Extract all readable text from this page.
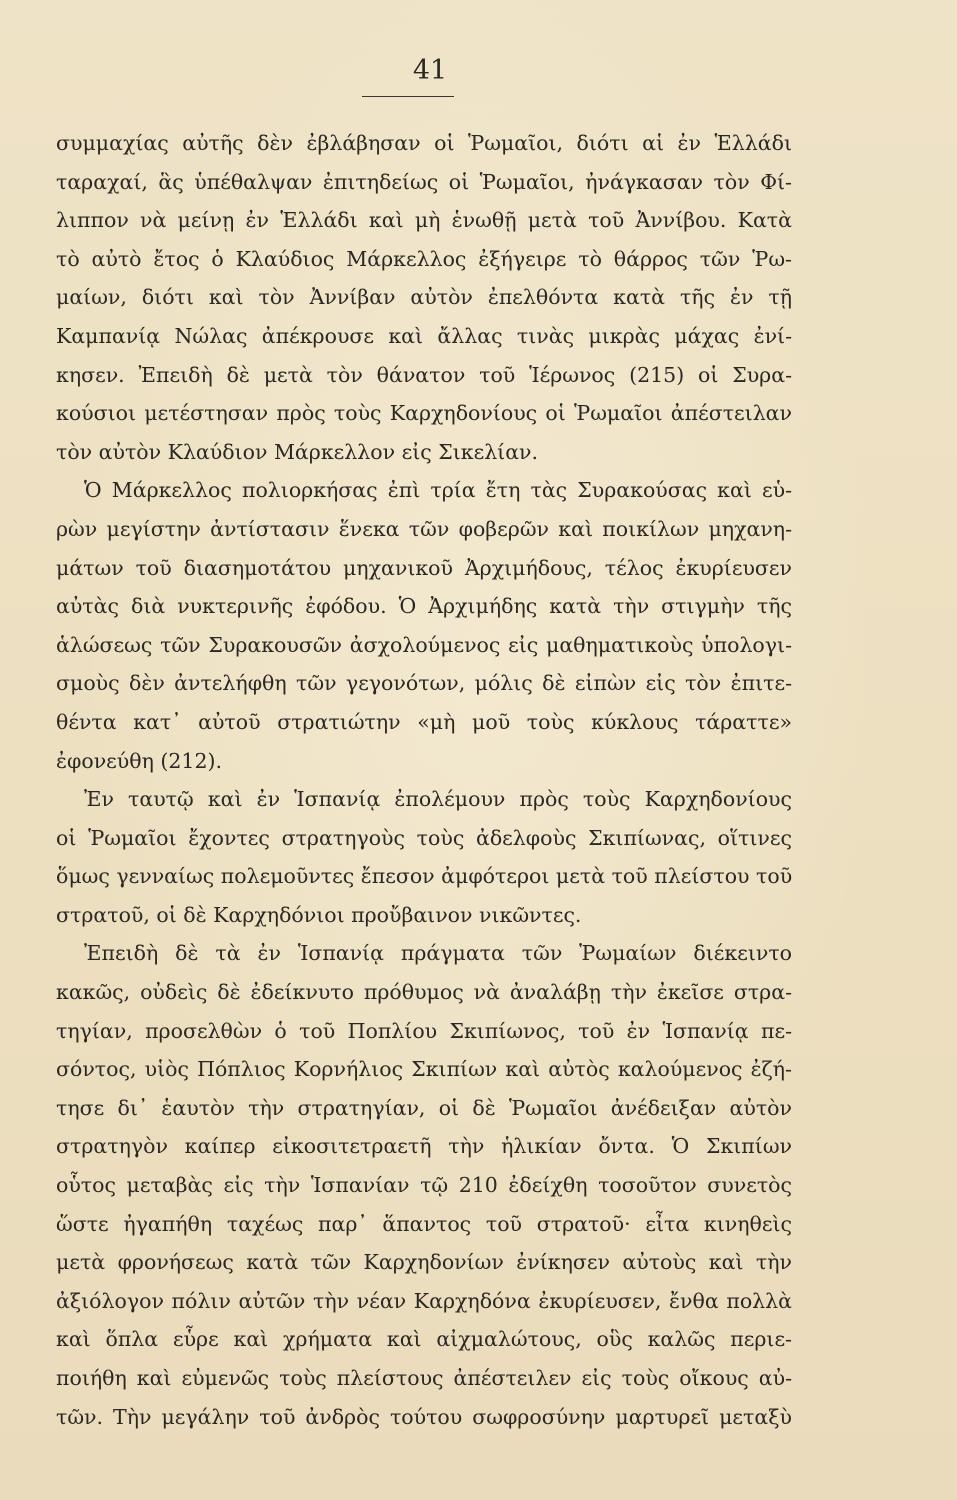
41
συμμαχίας αὐτῆς δὲν ἐβλάβησαν οἱ Ῥωμαῖοι, διότι αἱ ἐν Ἑλλάδι
ταραχαί, ἃς ὑπέθαλψαν ἐπιτηδείως οἱ Ῥωμαῖοι, ἠνάγκασαν τὸν Φί-
λιππον νὰ μείνῃ ἐν Ἑλλάδι καὶ μὴ ἑνωθῇ μετὰ τοῦ Ἀννίβου. Κατὰ
τὸ αὐτὸ ἔτος ὁ Κλαύδιος Μάρκελλος ἐξήγειρε τὸ θάρρος τῶν Ῥω-
μαίων, διότι καὶ τὸν Ἀννίβαν αὐτὸν ἐπελθόντα κατὰ τῆς ἐν τῇ
Καμπανίᾳ Νώλας ἀπέκρουσε καὶ ἄλλας τινὰς μικρὰς μάχας ἐνί-
κησεν. Ἐπειδὴ δὲ μετὰ τὸν θάνατον τοῦ Ἱέρωνος (215) οἱ Συρα-
κούσιοι μετέστησαν πρὸς τοὺς Καρχηδονίους οἱ Ῥωμαῖοι ἀπέστειλαν
τὸν αὐτὸν Κλαύδιον Μάρκελλον εἰς Σικελίαν.
Ὁ Μάρκελλος πολιορκήσας ἐπὶ τρία ἔτη τὰς Συρακούσας καὶ εὑ-
ρὼν μεγίστην ἀντίστασιν ἕνεκα τῶν φοβερῶν καὶ ποικίλων μηχανη-
μάτων τοῦ διασημοτάτου μηχανικοῦ Ἀρχιμήδους, τέλος ἐκυρίευσεν
αὐτὰς διὰ νυκτερινῆς ἐφόδου. Ὁ Ἀρχιμήδης κατὰ τὴν στιγμὴν τῆς
ἁλώσεως τῶν Συρακουσῶν ἀσχολούμενος εἰς μαθηματικοὺς ὑπολογι-
σμοὺς δὲν ἀντελήφθη τῶν γεγονότων, μόλις δὲ εἰπὼν εἰς τὸν ἐπιτε-
θέντα κατ᾿ αὐτοῦ στρατιώτην «μὴ μοῦ τοὺς κύκλους τάραττε»
ἐφονεύθη (212).
Ἐν ταυτῷ καὶ ἐν Ἱσπανίᾳ ἐπολέμουν πρὸς τοὺς Καρχηδονίους
οἱ Ῥωμαῖοι ἔχοντες στρατηγοὺς τοὺς ἀδελφοὺς Σκιπίωνας, οἵτινες
ὅμως γενναίως πολεμοῦντες ἔπεσον ἀμφότεροι μετὰ τοῦ πλείστου τοῦ
στρατοῦ, οἱ δὲ Καρχηδόνιοι προὔβαινον νικῶντες.
Ἐπειδὴ δὲ τὰ ἐν Ἱσπανίᾳ πράγματα τῶν Ῥωμαίων διέκειντο
κακῶς, οὐδεὶς δὲ ἐδείκνυτο πρόθυμος νὰ ἀναλάβῃ τὴν ἐκεῖσε στρα-
τηγίαν, προσελθὼν ὁ τοῦ Ποπλίου Σκιπίωνος, τοῦ ἐν Ἱσπανίᾳ πε-
σόντος, υἱὸς Πόπλιος Κορνήλιος Σκιπίων καὶ αὐτὸς καλούμενος ἐζή-
τησε δι᾿ ἑαυτὸν τὴν στρατηγίαν, οἱ δὲ Ῥωμαῖοι ἀνέδειξαν αὐτὸν
στρατηγὸν καίπερ εἰκοσιτετραετῆ τὴν ἡλικίαν ὄντα. Ὁ Σκιπίων
οὗτος μεταβὰς εἰς τὴν Ἱσπανίαν τῷ 210 ἐδείχθη τοσοῦτον συνετὸς
ὥστε ἠγαπήθη ταχέως παρ᾿ ἅπαντος τοῦ στρατοῦ· εἶτα κινηθεὶς
μετὰ φρονήσεως κατὰ τῶν Καρχηδονίων ἐνίκησεν αὐτοὺς καὶ τὴν
ἀξιόλογον πόλιν αὐτῶν τὴν νέαν Καρχηδόνα ἐκυρίευσεν, ἔνθα πολλὰ
καὶ ὅπλα εὗρε καὶ χρήματα καὶ αἰχμαλώτους, οὓς καλῶς περιε-
ποιήθη καὶ εὐμενῶς τοὺς πλείστους ἀπέστειλεν εἰς τοὺς οἴκους αὐ-
τῶν. Τὴν μεγάλην τοῦ ἀνδρὸς τούτου σωφροσύνην μαρτυρεῖ μεταξὺ
